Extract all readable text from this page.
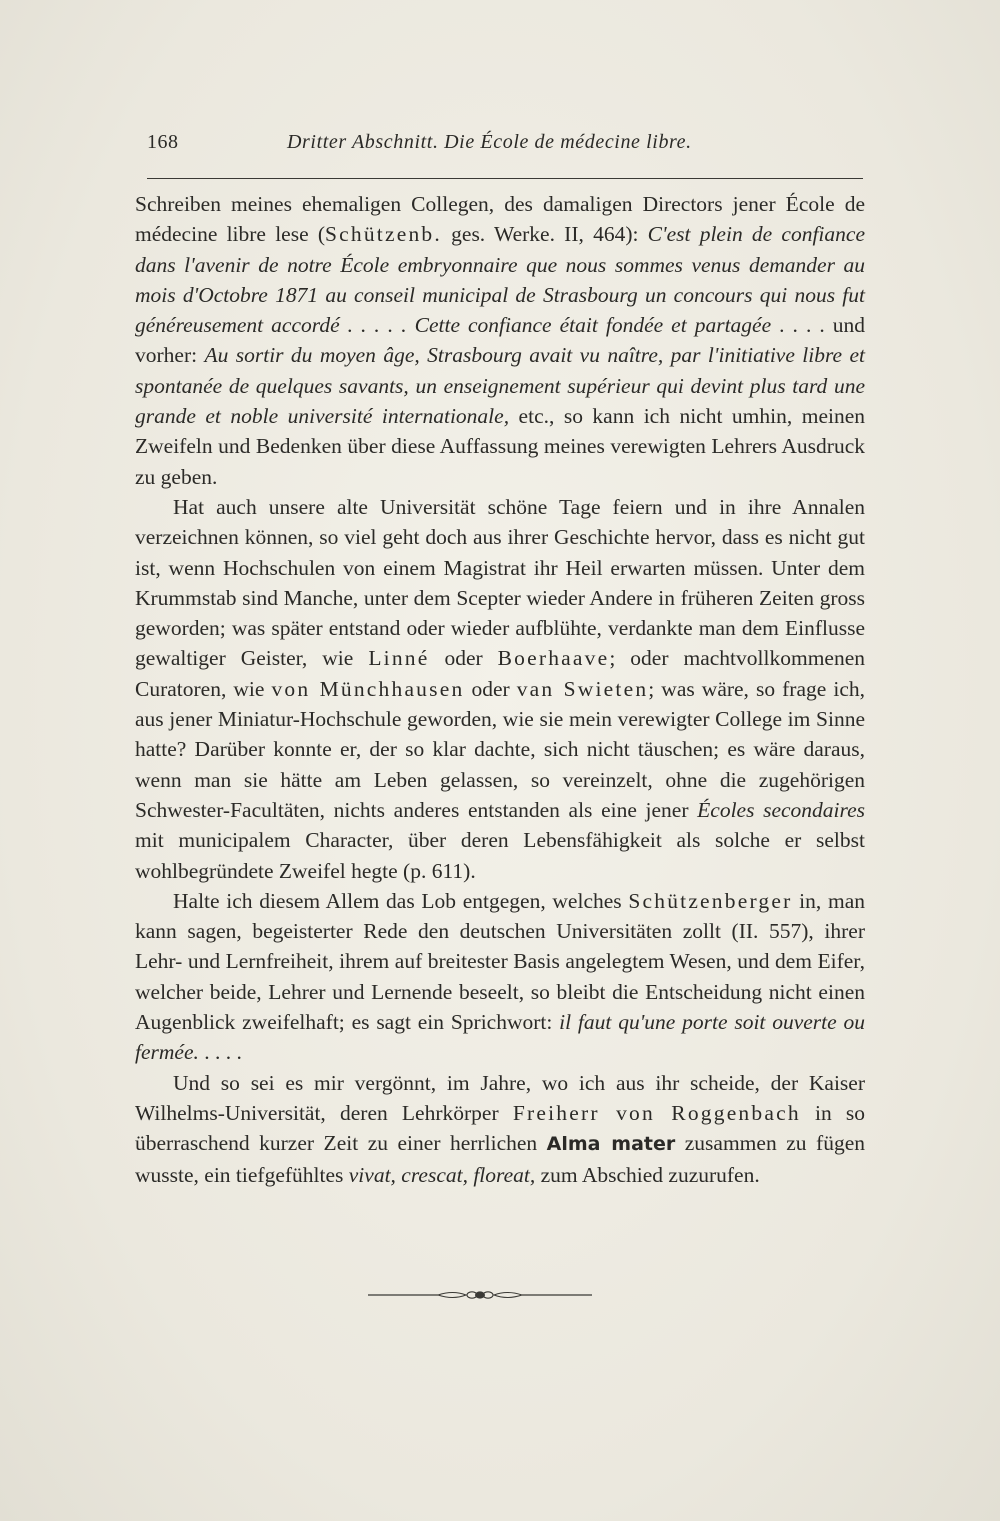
168	Dritter Abschnitt. Die École de médecine libre.

Schreiben meines ehemaligen Collegen, des damaligen Directors jener École de médecine libre lese (Schützenb. ges. Werke. II, 464): C'est plein de confiance dans l'avenir de notre École embryonnaire que nous sommes venus demander au mois d'Octobre 1871 au conseil municipal de Strasbourg un concours qui nous fut généreusement accordé . . . . . Cette confiance était fondée et partagée . . . . und vorher: Au sortir du moyen âge, Strasbourg avait vu naître, par l'initiative libre et spontanée de quelques savants, un enseignement supérieur qui devint plus tard une grande et noble université internationale, etc., so kann ich nicht umhin, meinen Zweifeln und Bedenken über diese Auffassung meines verewigten Lehrers Ausdruck zu geben.

Hat auch unsere alte Universität schöne Tage feiern und in ihre Annalen verzeichnen können, so viel geht doch aus ihrer Geschichte hervor, dass es nicht gut ist, wenn Hochschulen von einem Magistrat ihr Heil erwarten müssen. Unter dem Krummstab sind Manche, unter dem Scepter wieder Andere in früheren Zeiten gross geworden; was später entstand oder wieder aufblühte, verdankte man dem Einflusse gewaltiger Geister, wie Linné oder Boerhaave; oder machtvollkommenen Curatoren, wie von Münchhausen oder van Swieten; was wäre, so frage ich, aus jener Miniatur-Hochschule geworden, wie sie mein verewigter College im Sinne hatte? Darüber konnte er, der so klar dachte, sich nicht täuschen; es wäre daraus, wenn man sie hätte am Leben gelassen, so vereinzelt, ohne die zugehörigen Schwester-Facultäten, nichts anderes entstanden als eine jener Écoles secondaires mit municipalem Character, über deren Lebensfähigkeit als solche er selbst wohlbegründete Zweifel hegte (p. 611).

Halte ich diesem Allem das Lob entgegen, welches Schützenberger in, man kann sagen, begeisterter Rede den deutschen Universitäten zollt (II. 557), ihrer Lehr- und Lernfreiheit, ihrem auf breitester Basis angelegtem Wesen, und dem Eifer, welcher beide, Lehrer und Lernende beseelt, so bleibt die Entscheidung nicht einen Augenblick zweifelhaft; es sagt ein Sprichwort: il faut qu'une porte soit ouverte ou fermée. . . . .

Und so sei es mir vergönnt, im Jahre, wo ich aus ihr scheide, der Kaiser Wilhelms-Universität, deren Lehrkörper Freiherr von Roggenbach in so überraschend kurzer Zeit zu einer herrlichen Alma mater zusammen zu fügen wusste, ein tiefgefühltes vivat, crescat, floreat, zum Abschied zuzurufen.
